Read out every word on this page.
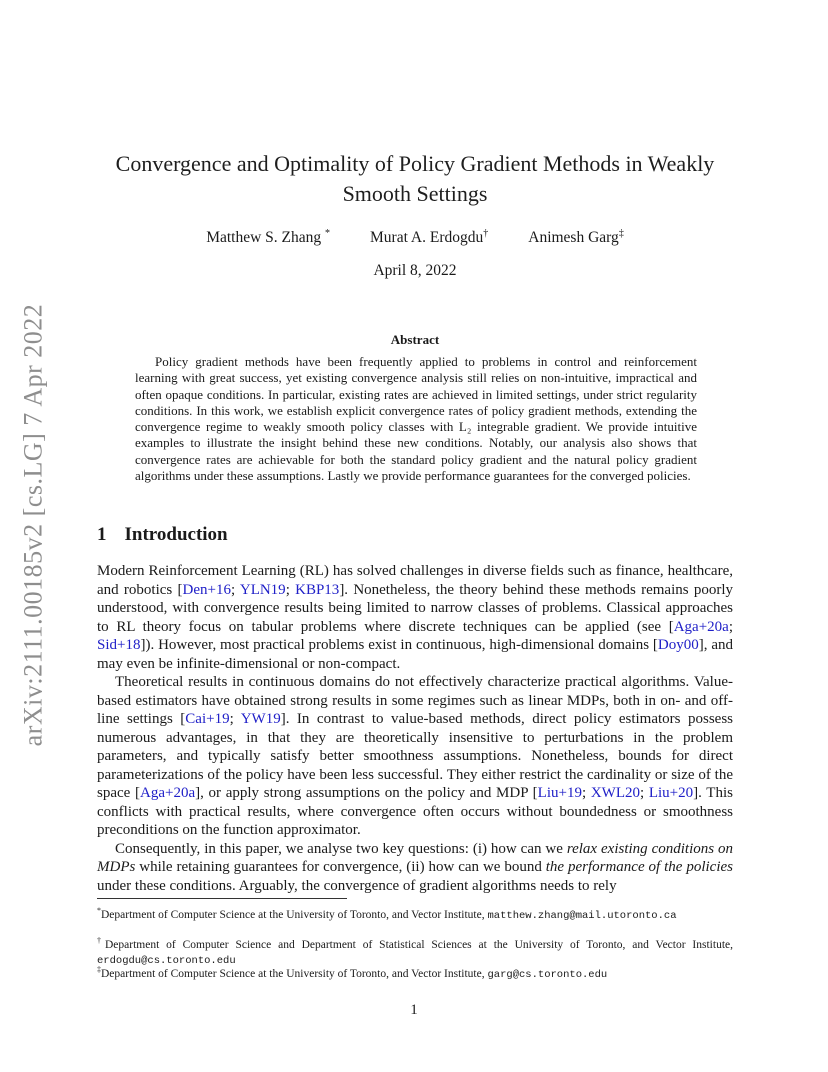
arXiv:2111.00185v2 [cs.LG] 7 Apr 2022
Convergence and Optimality of Policy Gradient Methods in Weakly Smooth Settings
Matthew S. Zhang *	Murat A. Erdogdu†	Animesh Garg‡
April 8, 2022
Abstract

Policy gradient methods have been frequently applied to problems in control and reinforcement learning with great success, yet existing convergence analysis still relies on non-intuitive, impractical and often opaque conditions. In particular, existing rates are achieved in limited settings, under strict regularity conditions. In this work, we establish explicit convergence rates of policy gradient methods, extending the convergence regime to weakly smooth policy classes with L₂ integrable gradient. We provide intuitive examples to illustrate the insight behind these new conditions. Notably, our analysis also shows that convergence rates are achievable for both the standard policy gradient and the natural policy gradient algorithms under these assumptions. Lastly we provide performance guarantees for the converged policies.

1 Introduction

Modern Reinforcement Learning (RL) has solved challenges in diverse fields such as finance, healthcare, and robotics [Den+16; YLN19; KBP13]. Nonetheless, the theory behind these methods remains poorly understood, with convergence results being limited to narrow classes of problems. Classical approaches to RL theory focus on tabular problems where discrete techniques can be applied (see [Aga+20a; Sid+18]). However, most practical problems exist in continuous, high-dimensional domains [Doy00], and may even be infinite-dimensional or non-compact.

Theoretical results in continuous domains do not effectively characterize practical algorithms. Value-based estimators have obtained strong results in some regimes such as linear MDPs, both in on- and off-line settings [Cai+19; YW19]. In contrast to value-based methods, direct policy estimators possess numerous advantages, in that they are theoretically insensitive to perturbations in the problem parameters, and typically satisfy better smoothness assumptions. Nonetheless, bounds for direct parameterizations of the policy have been less successful. They either restrict the cardinality or size of the space [Aga+20a], or apply strong assumptions on the policy and MDP [Liu+19; XWL20; Liu+20]. This conflicts with practical results, where convergence often occurs without boundedness or smoothness preconditions on the function approximator.

Consequently, in this paper, we analyse two key questions: (i) how can we relax existing conditions on MDPs while retaining guarantees for convergence, (ii) how can we bound the performance of the policies under these conditions. Arguably, the convergence of gradient algorithms needs to rely

*Department of Computer Science at the University of Toronto, and Vector Institute, matthew.zhang@mail.utoronto.ca

†Department of Computer Science and Department of Statistical Sciences at the University of Toronto, and Vector Institute, erdogdu@cs.toronto.edu

‡Department of Computer Science at the University of Toronto, and Vector Institute, garg@cs.toronto.edu

1
